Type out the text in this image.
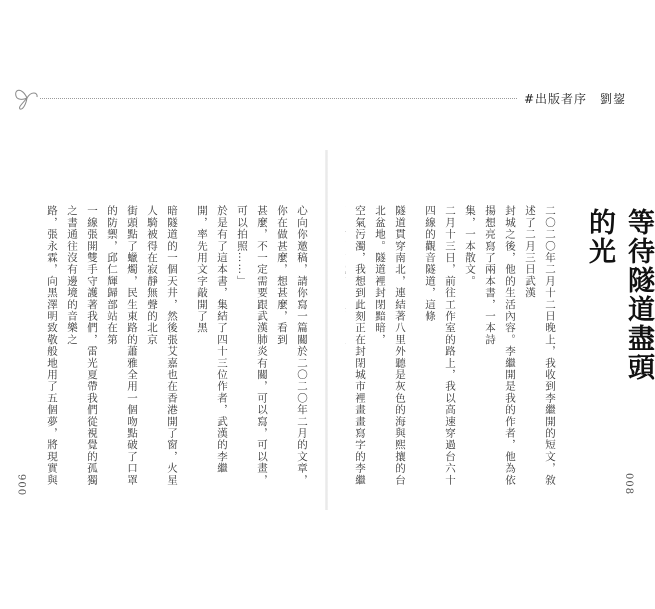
#出版者序　劉鋆
等待隧道盡頭的光

二〇二〇年二月十二日晚上，我收到李繼開的短文，敘述了二月三日武漢

封城之後，他的生活內容。李繼開是我的作者，他為依揚想亮寫了兩本書，一本詩

集，一本散文。

二月十三日，前往工作室的路上，我以高速穿過台六十四線的觀音隧道，這條

隧道貫穿南北，連結著八里外聽是灰色的海與熙攘的台北盆地。隧道裡封閉黯暗，

空氣污濁，我想到此刻正在封閉城市裡畫畫寫字的李繼

心向你邀稿，請你寫一篇關於二〇二〇年二月的文章，你在做甚麼，想甚麼，看到

甚麼，不一定需要跟武漢肺炎有關，可以寫，可以畫，可以拍照……」

於是有了這本書，集結了四十三位作者，武漢的李繼開，率先用文字敲開了黑

暗隧道的一個天井，然後張艾嘉也在香港開了窗，火星人騎被得在寂靜無聲的北京

街頭點了蠟燭，民生東路的蕭雅全用一個吻點破了口罩的防禦，邱仁輝歸部站在第

一線張開雙手守護著我們，雷光夏帶我們從視覺的孤獨之書通往沒有邊境的音樂之

路，張永霖，向黑澤明致敬般地用了五個夢，將現實與

006	008
